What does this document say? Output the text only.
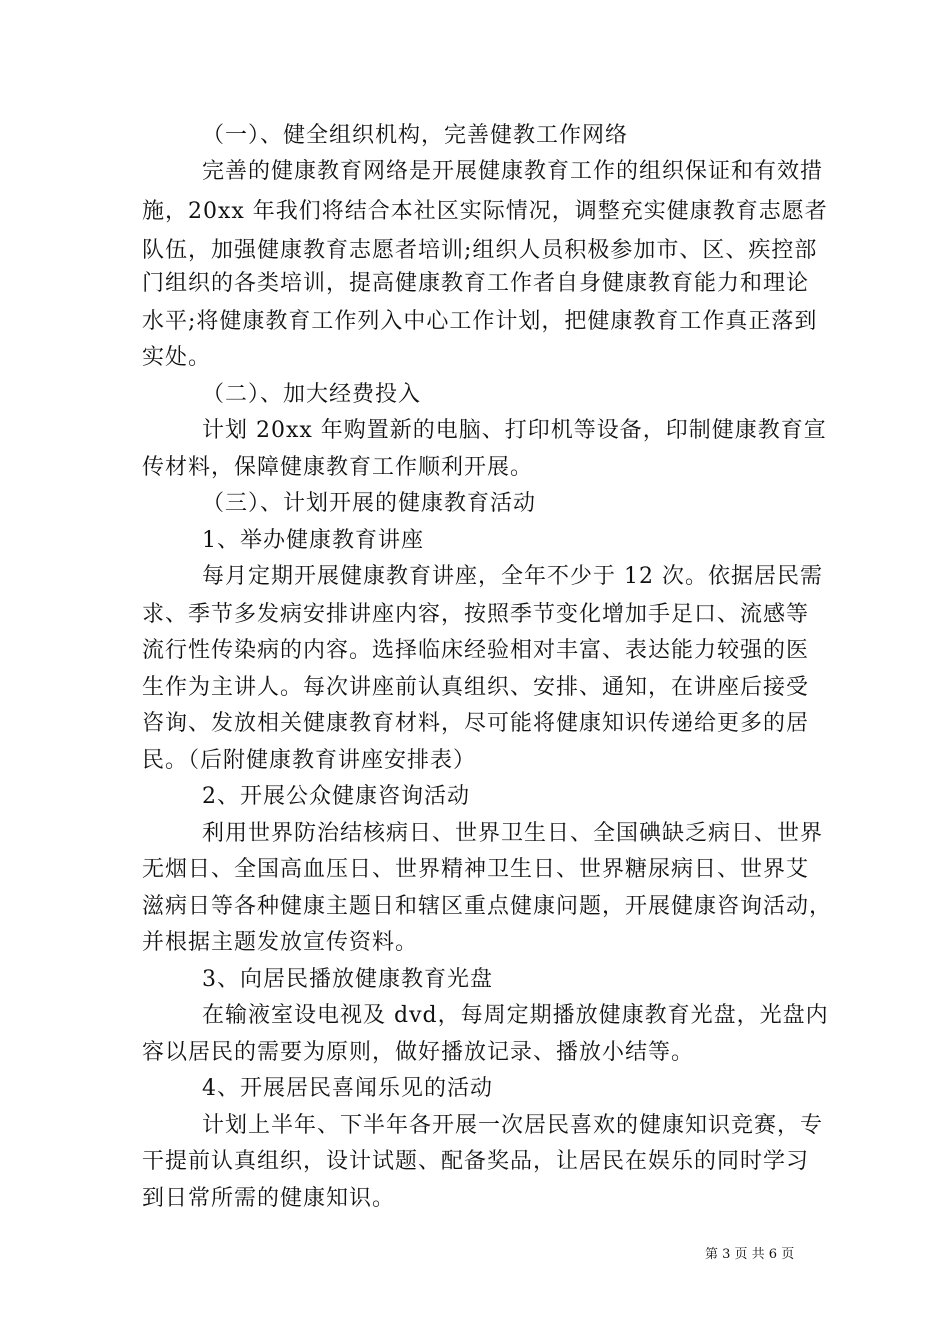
（一）、健全组织机构，完善健教工作网络
完善的健康教育网络是开展健康教育工作的组织保证和有效措
施，20xx 年我们将结合本社区实际情况，调整充实健康教育志愿者
队伍，加强健康教育志愿者培训;组织人员积极参加市、区、疾控部
门组织的各类培训，提高健康教育工作者自身健康教育能力和理论
水平;将健康教育工作列入中心工作计划，把健康教育工作真正落到
实处。
（二）、加大经费投入
计划 20xx 年购置新的电脑、打印机等设备，印制健康教育宣
传材料，保障健康教育工作顺利开展。
（三）、计划开展的健康教育活动
1、举办健康教育讲座
每月定期开展健康教育讲座，全年不少于 12 次。依据居民需
求、季节多发病安排讲座内容，按照季节变化增加手足口、流感等
流行性传染病的内容。选择临床经验相对丰富、表达能力较强的医
生作为主讲人。每次讲座前认真组织、安排、通知，在讲座后接受
咨询、发放相关健康教育材料，尽可能将健康知识传递给更多的居
民。（后附健康教育讲座安排表）
2、开展公众健康咨询活动
利用世界防治结核病日、世界卫生日、全国碘缺乏病日、世界
无烟日、全国高血压日、世界精神卫生日、世界糖尿病日、世界艾
滋病日等各种健康主题日和辖区重点健康问题，开展健康咨询活动，
并根据主题发放宣传资料。
3、向居民播放健康教育光盘
在输液室设电视及 dvd，每周定期播放健康教育光盘，光盘内
容以居民的需要为原则，做好播放记录、播放小结等。
4、开展居民喜闻乐见的活动
计划上半年、下半年各开展一次居民喜欢的健康知识竞赛，专
干提前认真组织，设计试题、配备奖品，让居民在娱乐的同时学习
到日常所需的健康知识。
第 3 页 共 6 页
